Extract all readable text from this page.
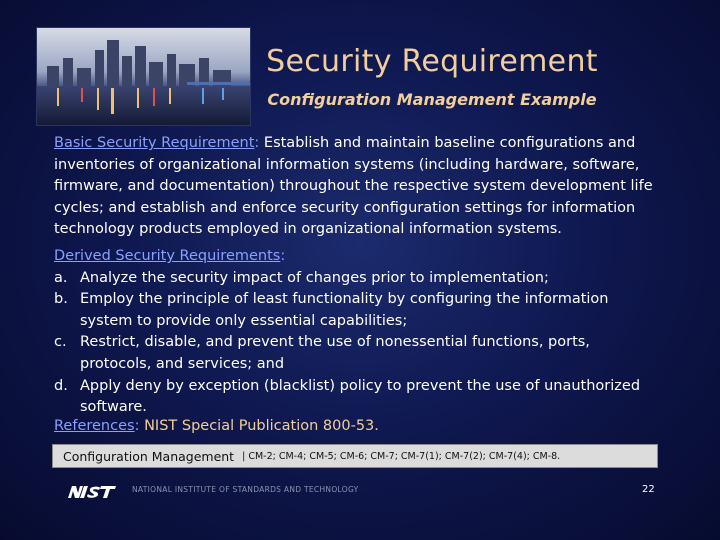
Security Requirement
Configuration Management Example
Basic Security Requirement: Establish and maintain baseline configurations and inventories of organizational information systems (including hardware, software, firmware, and documentation) throughout the respective system development life cycles; and establish and enforce security configuration settings for information technology products employed in organizational information systems.
Derived Security Requirements:
a. Analyze the security impact of changes prior to implementation;
b. Employ the principle of least functionality by configuring the information system to provide only essential capabilities;
c. Restrict, disable, and prevent the use of nonessential functions, ports, protocols, and services; and
d. Apply deny by exception (blacklist) policy to prevent the use of unauthorized software.
References: NIST Special Publication 800-53.
Configuration Management | CM-2; CM-4; CM-5; CM-6; CM-7; CM-7(1); CM-7(2); CM-7(4); CM-8.
NATIONAL INSTITUTE OF STANDARDS AND TECHNOLOGY	22
